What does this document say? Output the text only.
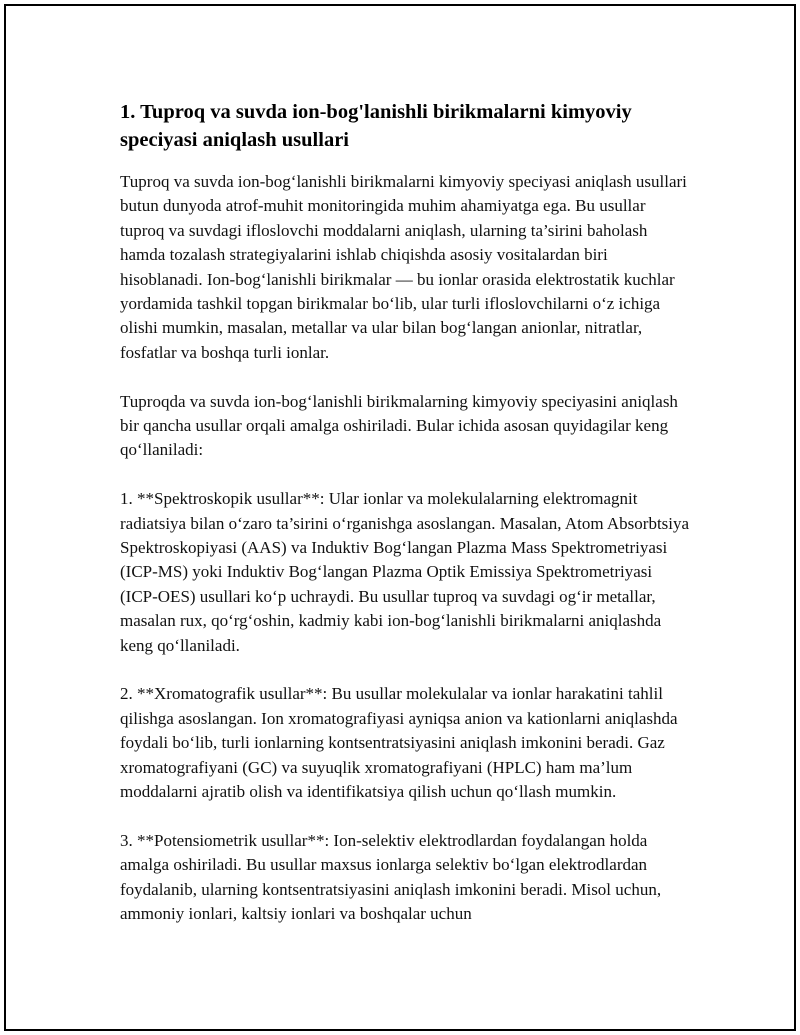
1. Tuproq va suvda ion-bog'lanishli birikmalarni kimyoviy speciyasi aniqlash usullari

Tuproq va suvda ion-bog‘lanishli birikmalarni kimyoviy speciyasi aniqlash usullari butun dunyoda atrof-muhit monitoringida muhim ahamiyatga ega. Bu usullar tuproq va suvdagi ifloslovchi moddalarni aniqlash, ularning ta’sirini baholash hamda tozalash strategiyalarini ishlab chiqishda asosiy vositalardan biri hisoblanadi. Ion-bog‘lanishli birikmalar — bu ionlar orasida elektrostatik kuchlar yordamida tashkil topgan birikmalar bo‘lib, ular turli ifloslovchilarni o‘z ichiga olishi mumkin, masalan, metallar va ular bilan bog‘langan anionlar, nitratlar, fosfatlar va boshqa turli ionlar.

Tuproqda va suvda ion-bog‘lanishli birikmalarning kimyoviy speciyasini aniqlash bir qancha usullar orqali amalga oshiriladi. Bular ichida asosan quyidagilar keng qo‘llaniladi:

1. **Spektroskopik usullar**: Ular ionlar va molekulalarning elektromagnit radiatsiya bilan o‘zaro ta’sirini o‘rganishga asoslangan. Masalan, Atom Absorbtsiya Spektroskopiyasi (AAS) va Induktiv Bog‘langan Plazma Mass Spektrometriyasi (ICP-MS) yoki Induktiv Bog‘langan Plazma Optik Emissiya Spektrometriyasi (ICP-OES) usullari ko‘p uchraydi. Bu usullar tuproq va suvdagi og‘ir metallar, masalan rux, qo‘rg‘oshin, kadmiy kabi ion-bog‘lanishli birikmalarni aniqlashda keng qo‘llaniladi.

2. **Xromatografik usullar**: Bu usullar molekulalar va ionlar harakatini tahlil qilishga asoslangan. Ion xromatografiyasi ayniqsa anion va kationlarni aniqlashda foydali bo‘lib, turli ionlarning kontsentratsiyasini aniqlash imkonini beradi. Gaz xromatografiyani (GC) va suyuqlik xromatografiyani (HPLC) ham ma’lum moddalarni ajratib olish va identifikatsiya qilish uchun qo‘llash mumkin.

3. **Potensiometrik usullar**: Ion-selektiv elektrodlardan foydalangan holda amalga oshiriladi. Bu usullar maxsus ionlarga selektiv bo‘lgan elektrodlardan foydalanib, ularning kontsentratsiyasini aniqlash imkonini beradi. Misol uchun, ammoniy ionlari, kaltsiy ionlari va boshqalar uchun
